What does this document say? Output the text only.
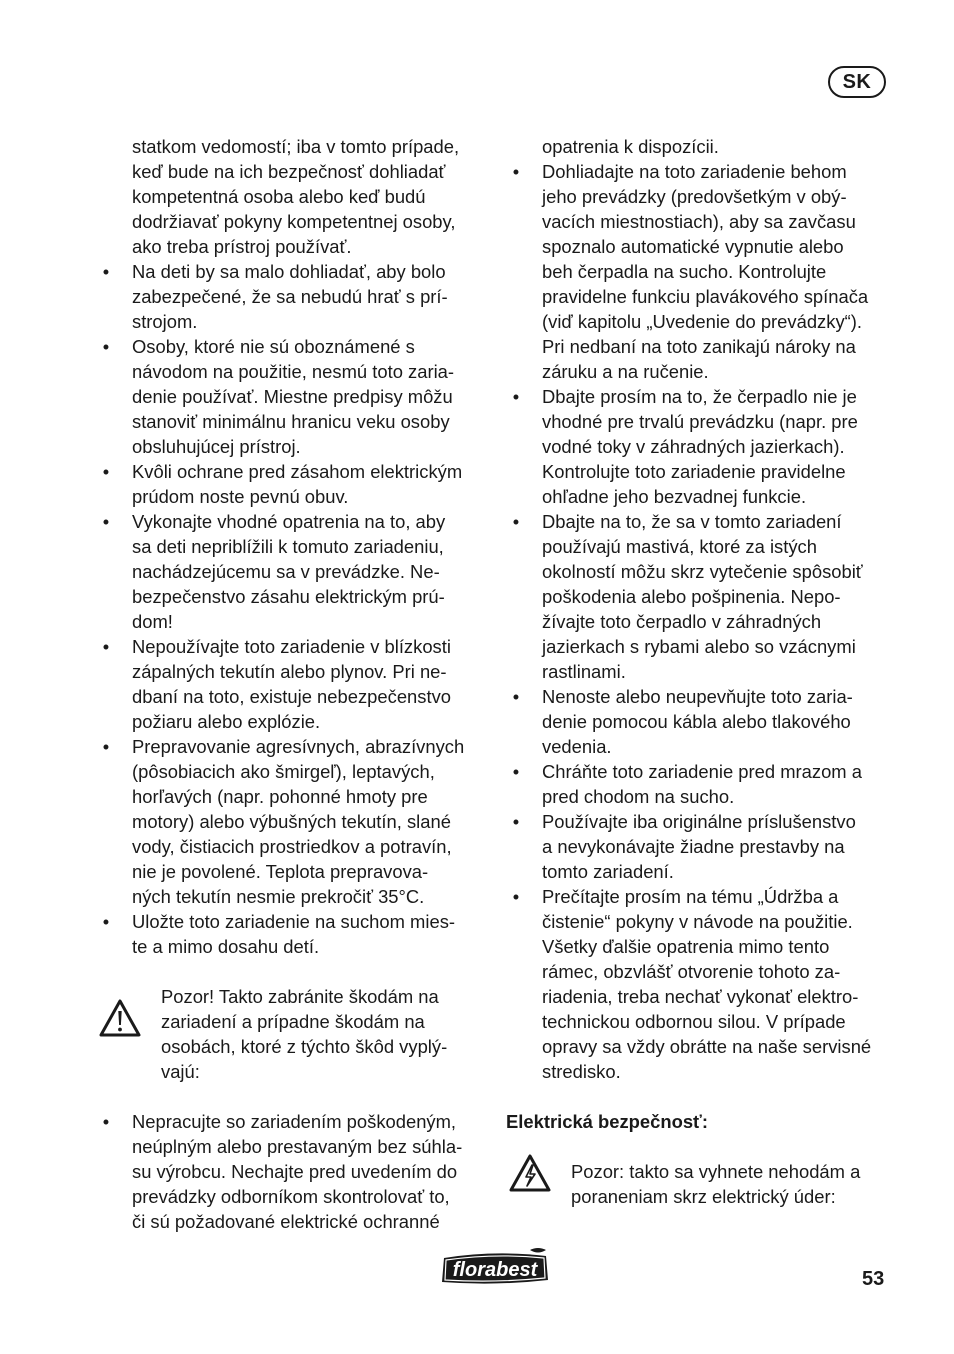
SK
statkom vedomostí; iba v tomto prípade,
keď bude na ich bezpečnosť dohliadať
kompetentná osoba alebo keď budú
dodržiavať pokyny kompetentnej osoby,
ako treba prístroj používať.
• Na deti by sa malo dohliadať, aby bolo
zabezpečené, že sa nebudú hrať s prí-
strojom.
• Osoby, ktoré nie sú oboznámené s
návodom na použitie, nesmú toto zaria-
denie používať. Miestne predpisy môžu
stanoviť minimálnu hranicu veku osoby
obsluhujúcej prístroj.
• Kvôli ochrane pred zásahom elektrickým
prúdom noste pevnú obuv.
• Vykonajte vhodné opatrenia na to, aby
sa deti nepriblížili k tomuto zariadeniu,
nachádzejúcemu sa v prevádzke. Ne-
bezpečenstvo zásahu elektrickým prú-
dom!
• Nepoužívajte toto zariadenie v blízkosti
zápalných tekutín alebo plynov. Pri ne-
dbaní na toto, existuje nebezpečenstvo
požiaru alebo explózie.
• Prepravovanie agresívnych, abrazívnych
(pôsobiacich ako šmirgeľ), leptavých,
horľavých (napr. pohonné hmoty pre
motory) alebo výbušných tekutín, slané
vody, čistiacich prostriedkov a potravín,
nie je povolené. Teplota prepravova-
ných tekutín nesmie prekročiť 35°C.
• Uložte toto zariadenie na suchom mies-
te a mimo dosahu detí.
Pozor! Takto zabránite škodám na
zariadení a prípadne škodám na
osobách, ktoré z týchto škôd vyplý-
vajú:
• Nepracujte so zariadením poškodeným,
neúplným alebo prestavaným bez súhla-
su výrobcu. Nechajte pred uvedením do
prevádzky odborníkom skontrolovať to,
či sú požadované elektrické ochranné
opatrenia k dispozícii.
• Dohliadajte na toto zariadenie behom
jeho prevádzky (predovšetkým v obý-
vacích miestnostiach), aby sa zavčasu
spoznalo automatické vypnutie alebo
beh čerpadla na sucho. Kontrolujte
pravidelne funkciu plavákového spínača
(viď kapitolu „Uvedenie do prevádzky“).
Pri nedbaní na toto zanikajú nároky na
záruku a na ručenie.
• Dbajte prosím na to, že čerpadlo nie je
vhodné pre trvalú prevádzku (napr. pre
vodné toky v záhradných jazierkach).
Kontrolujte toto zariadenie pravidelne
ohľadne jeho bezvadnej funkcie.
• Dbajte na to, že sa v tomto zariadení
používajú mastivá, ktoré za istých
okolností môžu skrz vytečenie spôsobiť
poškodenia alebo pošpinenia. Nepo-
žívajte toto čerpadlo v záhradných
jazierkach s rybami alebo so vzácnymi
rastlinami.
• Nenoste alebo neupevňujte toto zaria-
denie pomocou kábla alebo tlakového
vedenia.
• Chráňte toto zariadenie pred mrazom a
pred chodom na sucho.
• Používajte iba originálne príslušenstvo
a nevykonávajte žiadne prestavby na
tomto zariadení.
• Prečítajte prosím na tému „Údržba a
čistenie“ pokyny v návode na použitie.
Všetky ďalšie opatrenia mimo tento
rámec, obzvlášť otvorenie tohoto za-
riadenia, treba nechať vykonať elektro-
technickou odbornou silou. V prípade
opravy sa vždy obrátte na naše servisné
stredisko.
Elektrická bezpečnosť:
Pozor: takto sa vyhnete nehodám a
poraneniam skrz elektrický úder:
florabest	53
